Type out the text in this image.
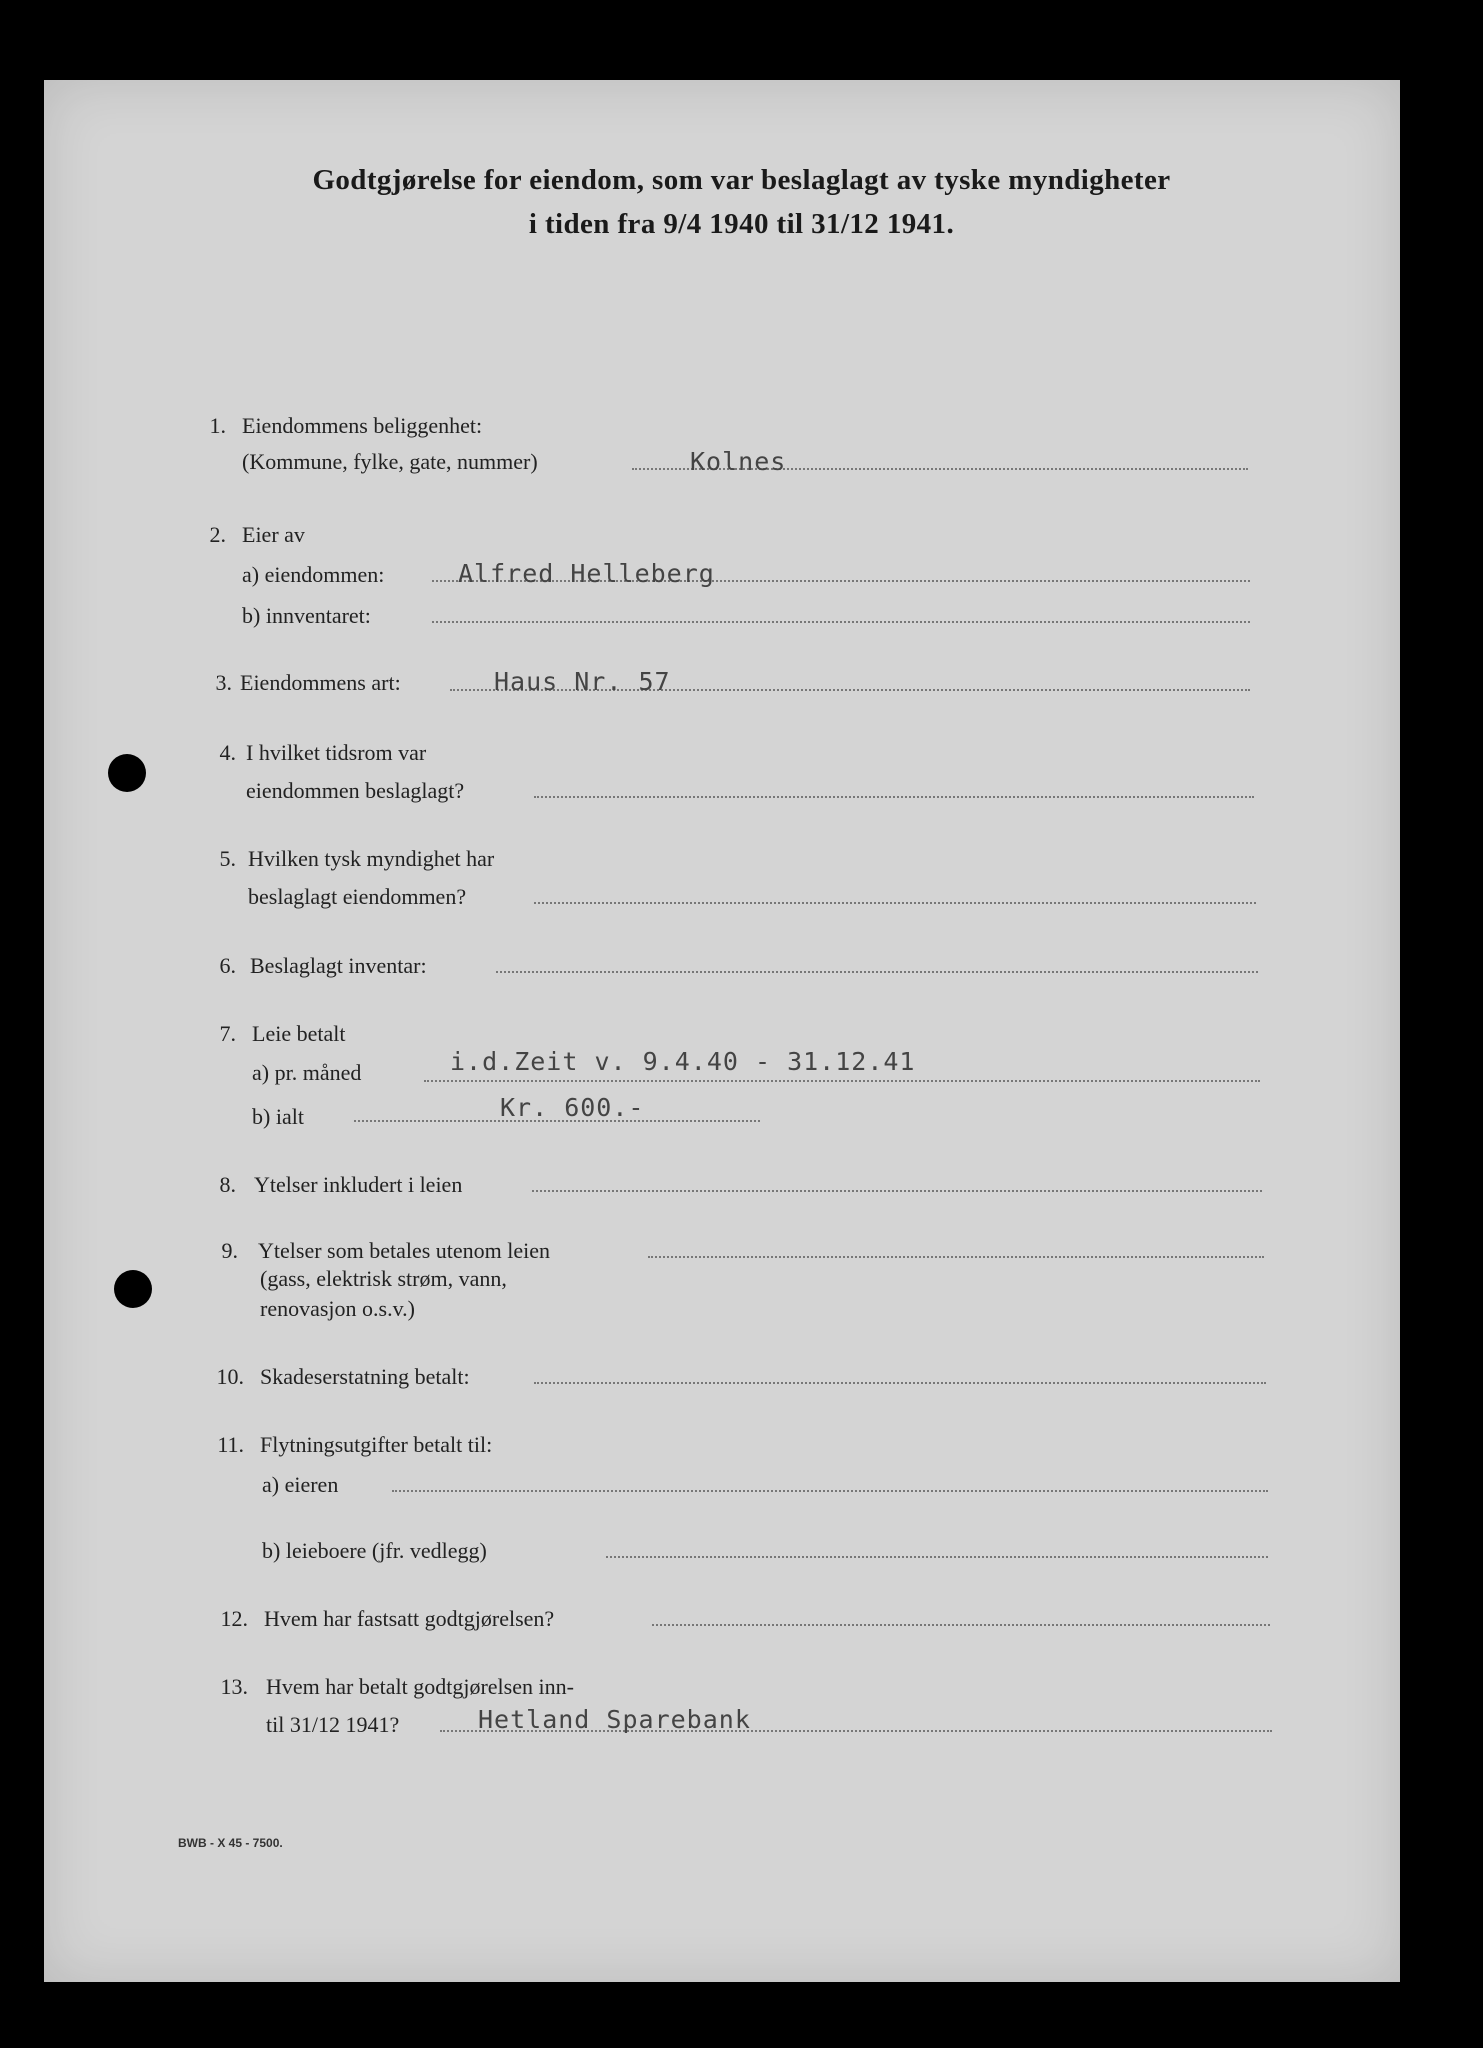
Godtgjørelse for eiendom, som var beslaglagt av tyske myndigheter
i tiden fra 9/4 1940 til 31/12 1941.
1. Eiendommens beliggenhet:
(Kommune, fylke, gate, nummer)	Kolnes
2. Eier av
a) eiendommen:	Alfred Helleberg
b) innventaret:
3. Eiendommens art:	Haus Nr. 57
4. I hvilket tidsrom var
eiendommen beslaglagt?
5. Hvilken tysk myndighet har
beslaglagt eiendommen?
6. Beslaglagt inventar:
7. Leie betalt
a) pr. måned	i.d.Zeit v. 9.4.40 - 31.12.41
b) ialt	Kr. 600.-
8. Ytelser inkludert i leien
9. Ytelser som betales utenom leien
(gass, elektrisk strøm, vann,
renovasjon o.s.v.)
10. Skadeserstatning betalt:
11. Flytningsutgifter betalt til:
a) eieren
b) leieboere (jfr. vedlegg)
12. Hvem har fastsatt godtgjørelsen?
13. Hvem har betalt godtgjørelsen inn-
til 31/12 1941?	Hetland Sparebank
BWB - X 45 - 7500.
